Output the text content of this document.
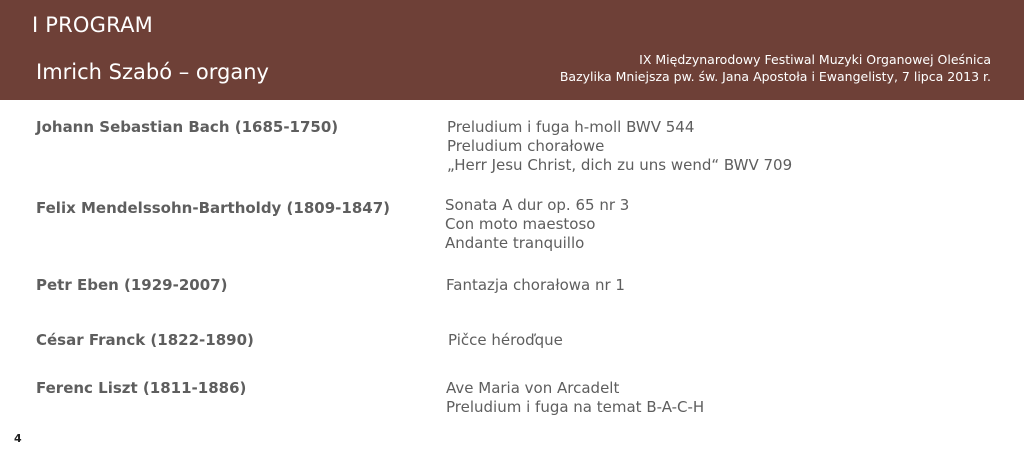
I PROGRAM
Imrich Szabó – organy
IX Międzynarodowy Festiwal Muzyki Organowej Oleśnica
Bazylika Mniejsza pw. św. Jana Apostoła i Ewangelisty, 7 lipca 2013 r.
Johann Sebastian Bach (1685-1750)	Preludium i fuga h-moll BWV 544
Preludium chorałowe
„Herr Jesu Christ, dich zu uns wend“ BWV 709
Felix Mendelssohn-Bartholdy (1809-1847)	Sonata A dur op. 65 nr 3
Con moto maestoso
Andante tranquillo
Petr Eben (1929-2007)	Fantazja chorałowa nr 1
César Franck (1822-1890)	Pičce héroďque
Ferenc Liszt (1811-1886)	Ave Maria von Arcadelt
Preludium i fuga na temat B-A-C-H
4
